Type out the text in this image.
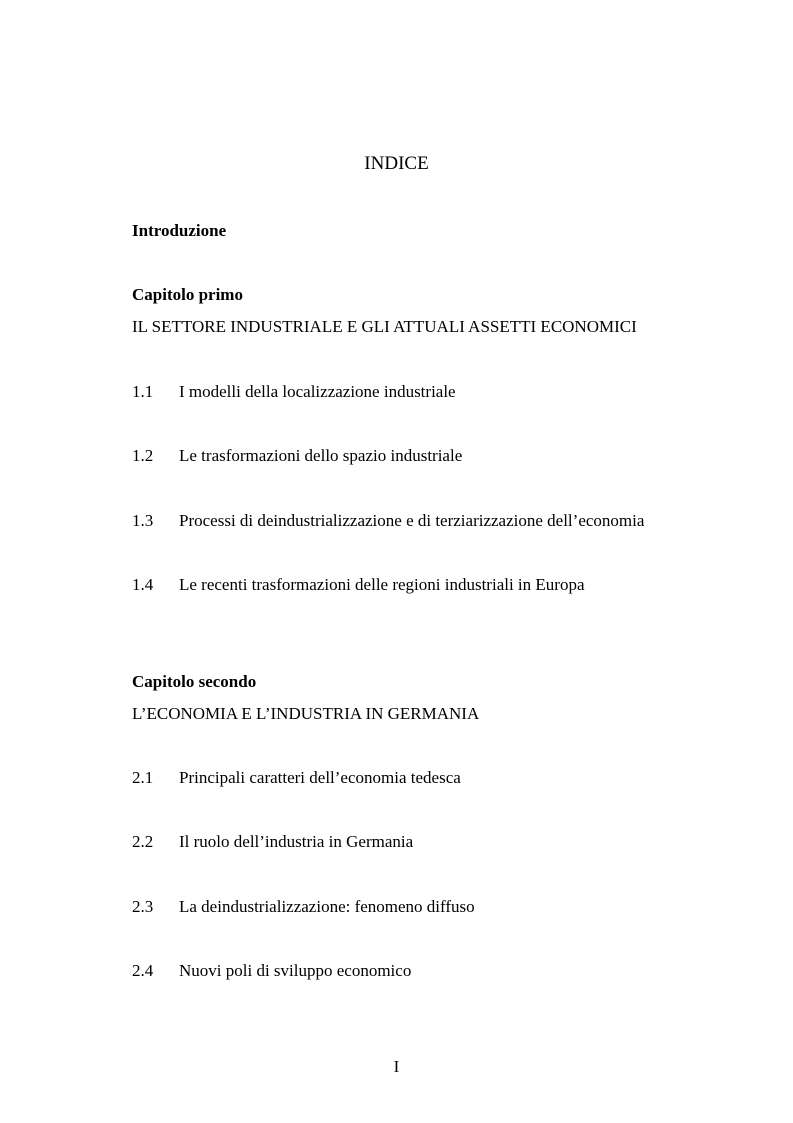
INDICE
Introduzione
Capitolo primo
IL SETTORE INDUSTRIALE E GLI ATTUALI ASSETTI ECONOMICI
1.1 I modelli della localizzazione industriale
1.2 Le trasformazioni dello spazio industriale
1.3 Processi di deindustrializzazione e di terziarizzazione dell’economia
1.4 Le recenti trasformazioni delle regioni industriali in Europa
Capitolo secondo
L’ECONOMIA E L’INDUSTRIA IN GERMANIA
2.1 Principali caratteri dell’economia tedesca
2.2 Il ruolo dell’industria in Germania
2.3 La deindustrializzazione: fenomeno diffuso
2.4 Nuovi poli di sviluppo economico
I
